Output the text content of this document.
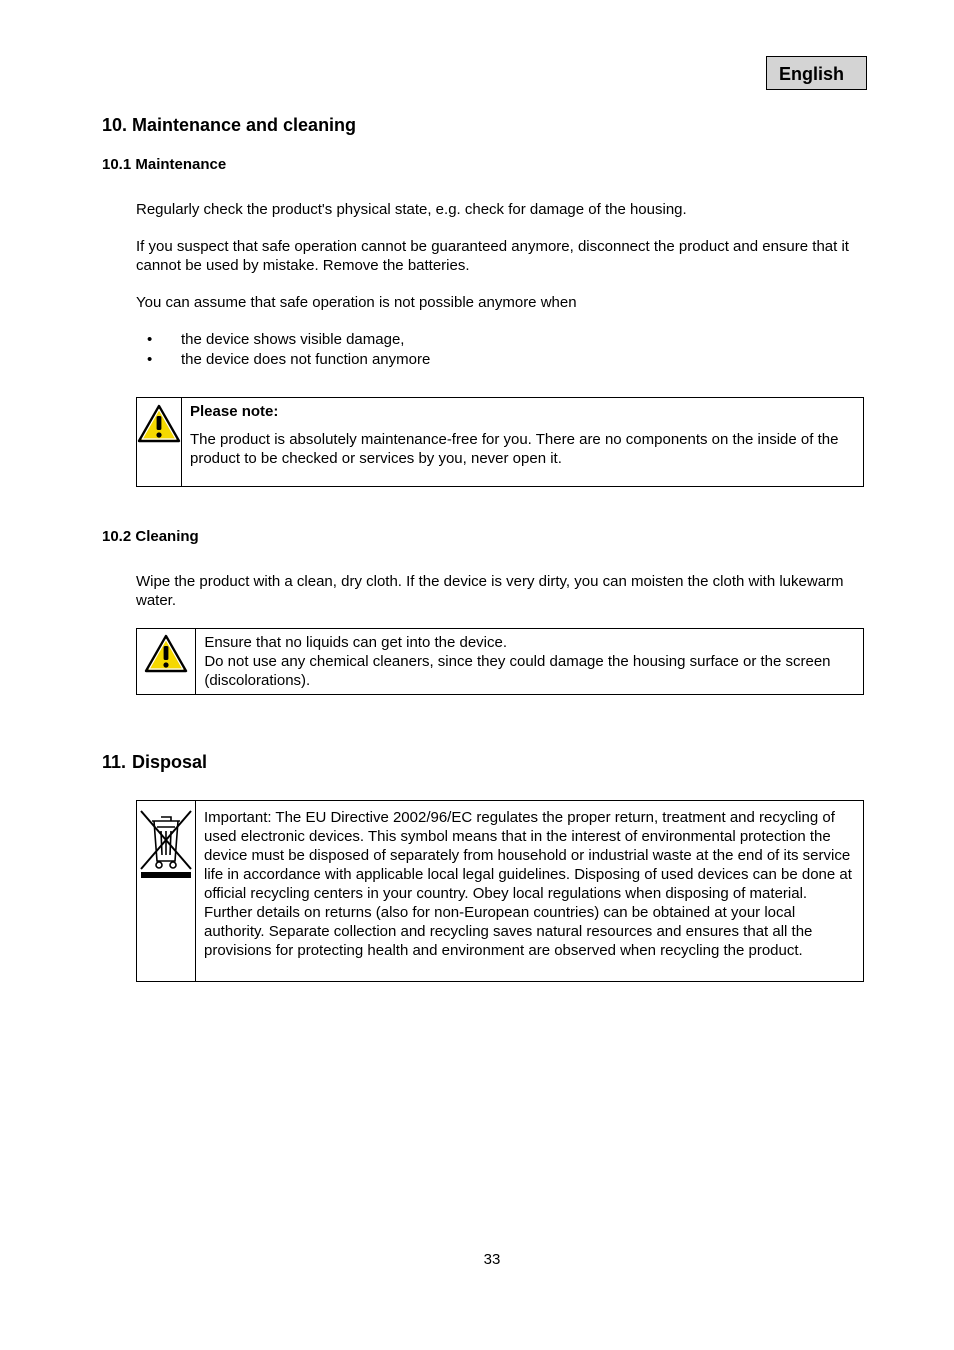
English
10. Maintenance and cleaning
10.1 Maintenance

Regularly check the product's physical state, e.g. check for damage of the housing.

If you suspect that safe operation cannot be guaranteed anymore, disconnect the product and ensure that it cannot be used by mistake. Remove the batteries.

You can assume that safe operation is not possible anymore when

• the device shows visible damage,
• the device does not function anymore

Please note:

The product is absolutely maintenance-free for you. There are no components on the inside of the product to be checked or services by you, never open it.

10.2 Cleaning

Wipe the product with a clean, dry cloth. If the device is very dirty, you can moisten the cloth with lukewarm water.

Ensure that no liquids can get into the device.

Do not use any chemical cleaners, since they could damage the housing surface or the screen (discolorations).

11. Disposal

Important: The EU Directive 2002/96/EC regulates the proper return, treatment and recycling of used electronic devices. This symbol means that in the interest of environmental protection the device must be disposed of separately from household or industrial waste at the end of its service life in accordance with applicable local legal guidelines. Disposing of used devices can be done at official recycling centers in your country. Obey local regulations when disposing of material. Further details on returns (also for non-European countries) can be obtained at your local authority. Separate collection and recycling saves natural resources and ensures that all the provisions for protecting health and environment are observed when recycling the product.

33
